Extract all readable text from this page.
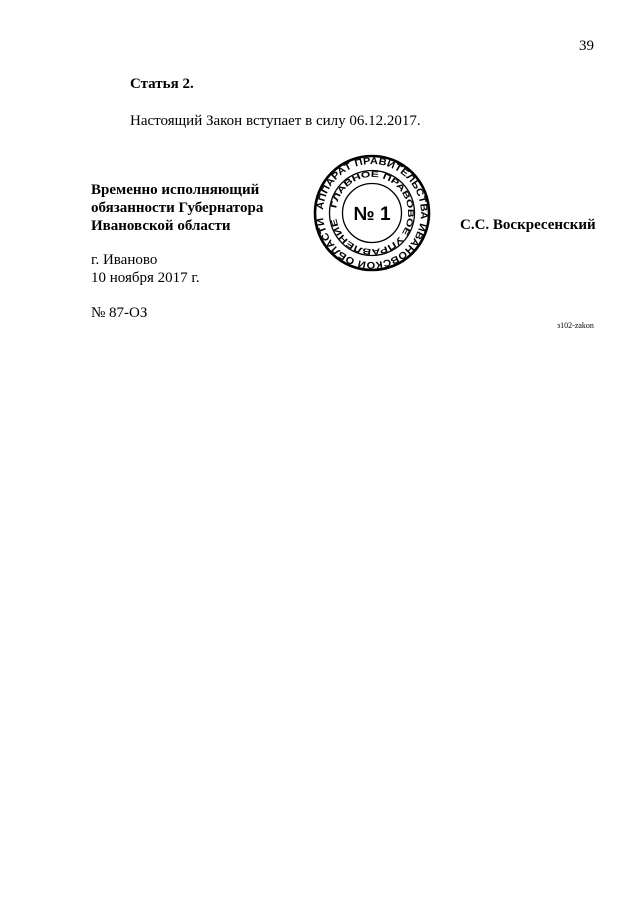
39
Статья 2.
Настоящий Закон вступает в силу 06.12.2017.
Временно исполняющий
обязанности Губернатора
Ивановской области
АППАРАТ ПРАВИТЕЛЬСТВА ИВАНОВСКОЙ ОБЛАСТИ
ГЛАВНОЕ ПРАВОВОЕ УПРАВЛЕНИЕ № 1	С.С. Воскресенский
г. Иваново
10 ноября 2017 г.
№ 87-ОЗ
з102-zakon
